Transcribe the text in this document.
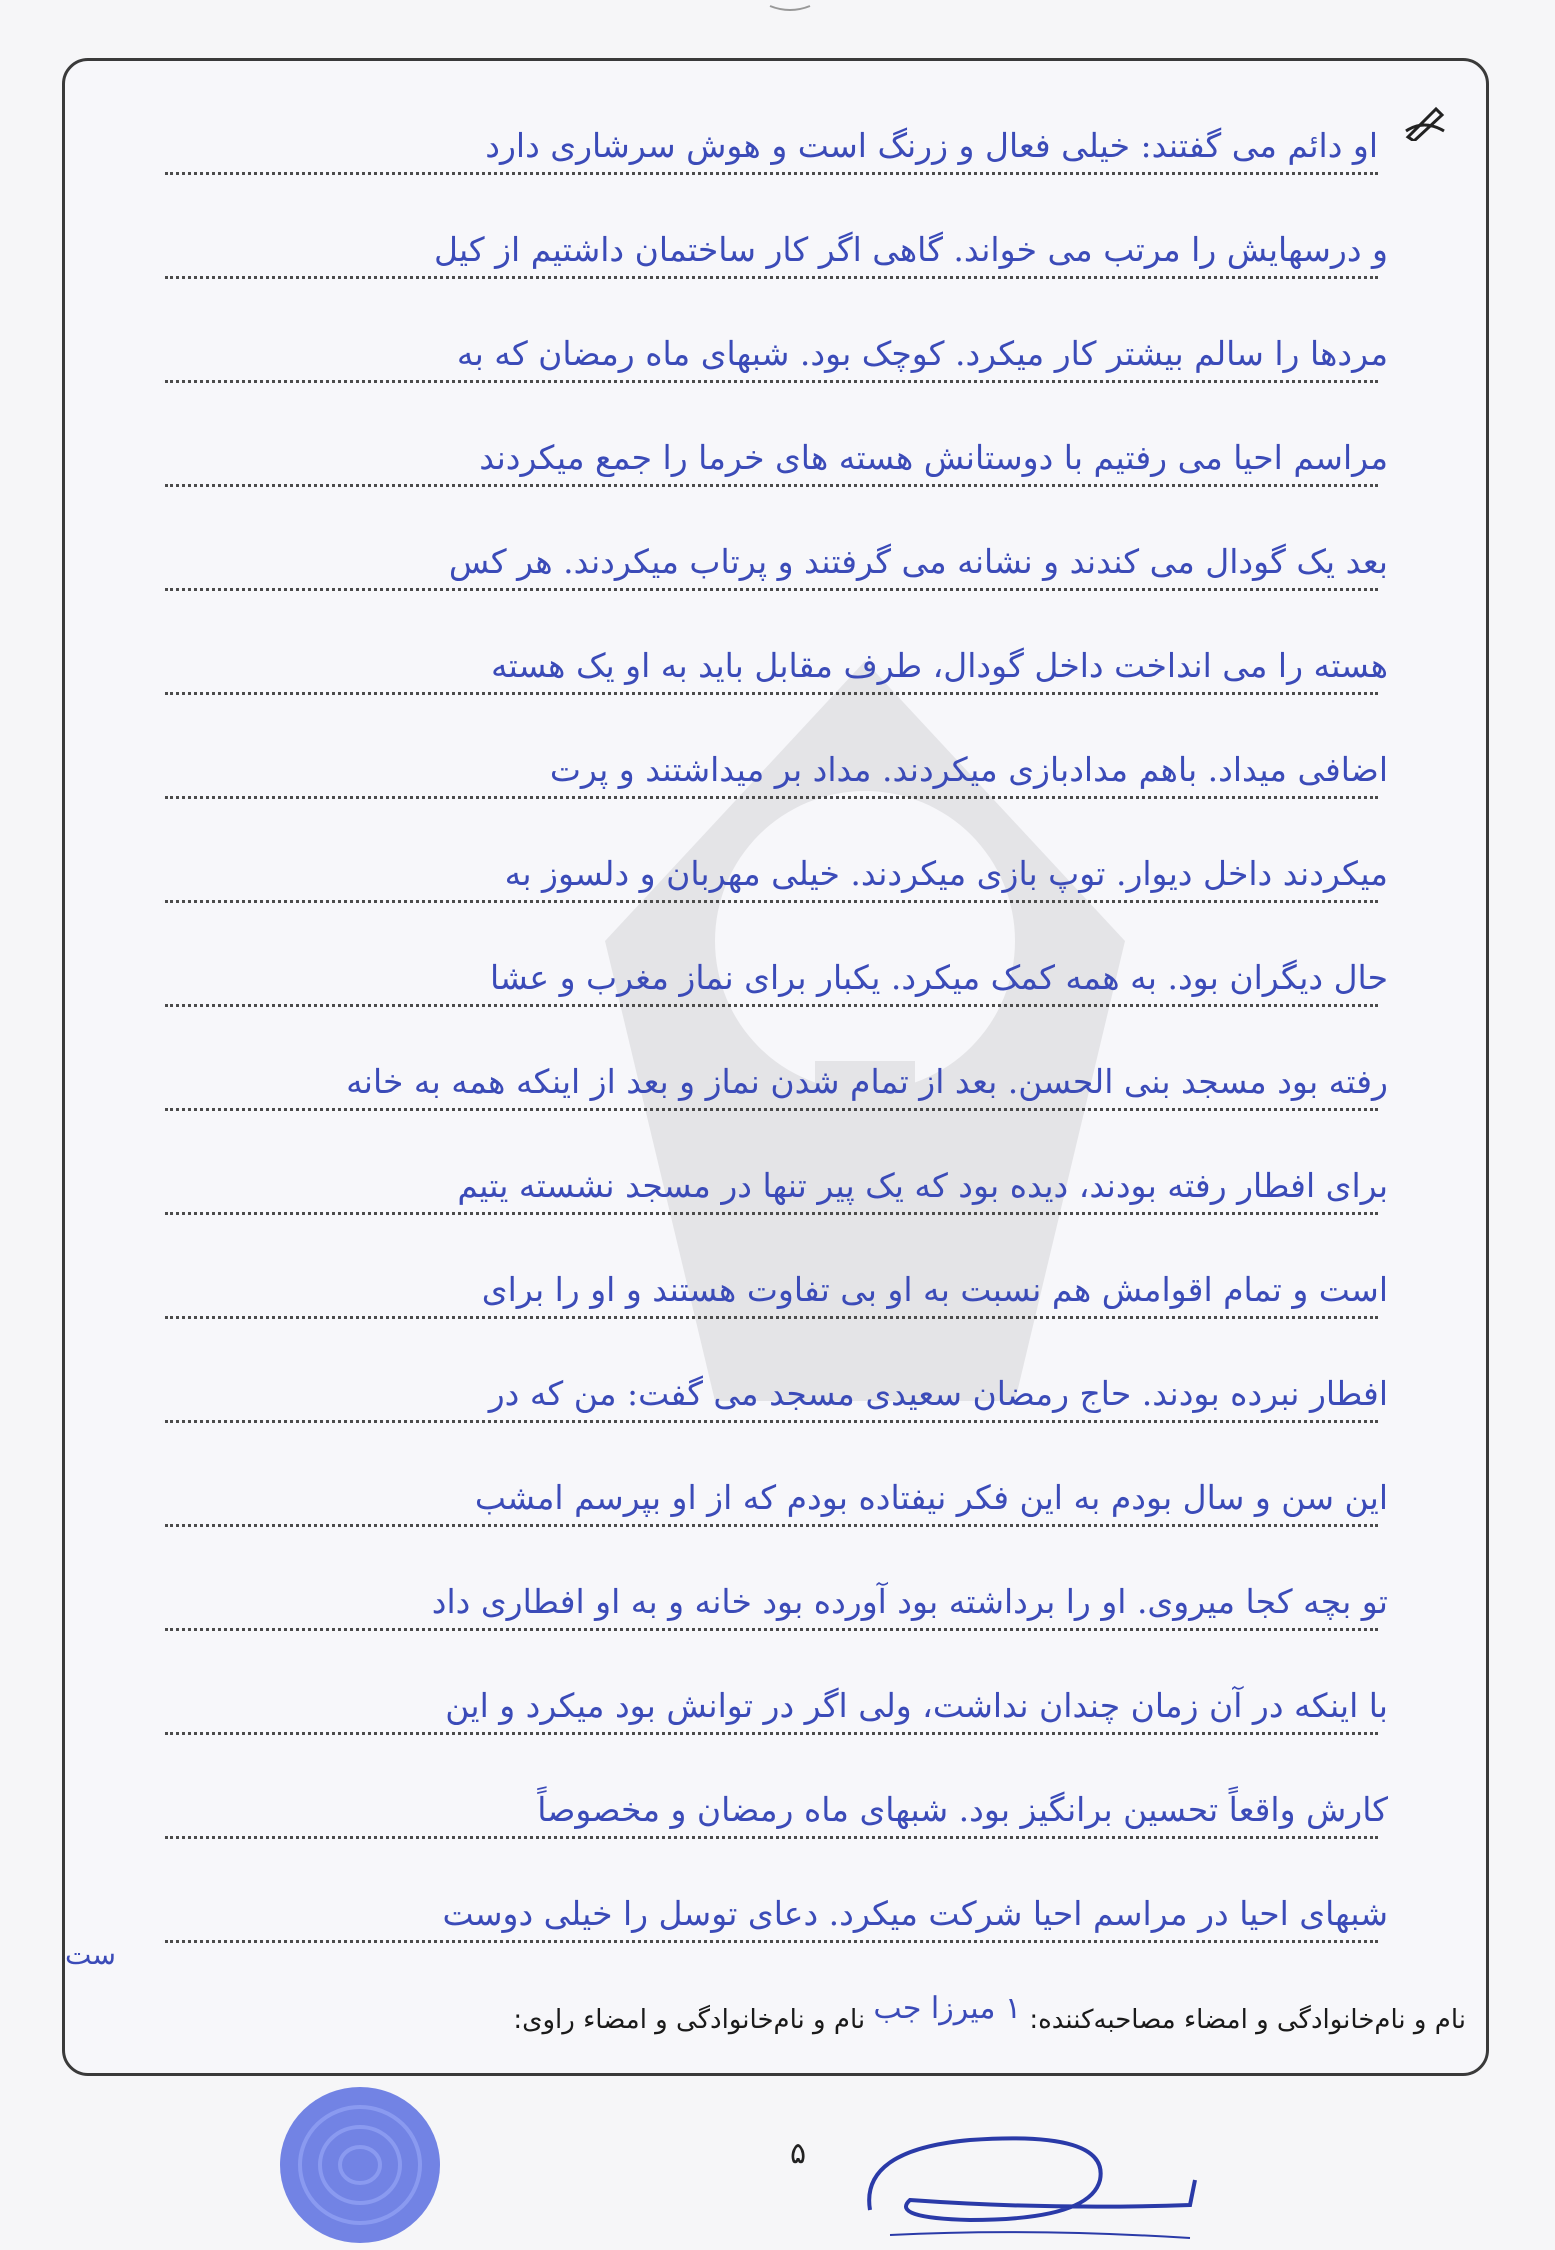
او دائم می گفتند: خیلی فعال و زرنگ است و هوش سرشاری دارد
و درسهایش را مرتب می خواند. گاهی اگر کار ساختمان داشتیم از کیل
مردها را سالم بیشتر کار میکرد. کوچک بود. شبهای ماه رمضان که به
مراسم احیا می رفتیم با دوستانش هسته های خرما را جمع میکردند
بعد یک گودال می کندند و نشانه می گرفتند و پرتاب میکردند. هر کس
هسته را می انداخت داخل گودال، طرف مقابل باید به او یک هسته
اضافی میداد. باهم مدادبازی میکردند. مداد بر میداشتند و پرت
میکردند داخل دیوار. توپ بازی میکردند. خیلی مهربان و دلسوز به
حال دیگران بود. به همه کمک میکرد. یکبار برای نماز مغرب و عشا
رفته بود مسجد بنی الحسن. بعد از تمام شدن نماز و بعد از اینکه همه به خانه
برای افطار رفته بودند، دیده بود که یک پیر تنها در مسجد نشسته یتیم
است و تمام اقوامش هم نسبت به او بی تفاوت هستند و او را برای
افطار نبرده بودند. حاج رمضان سعیدی مسجد می گفت: من که در
این سن و سال بودم به این فکر نیفتاده بودم که از او بپرسم امشب
تو بچه کجا میروی. او را برداشته بود آورده بود خانه و به او افطاری داد
با اینکه در آن زمان چندان نداشت، ولی اگر در توانش بود میکرد و این
کارش واقعاً تحسین برانگیز بود. شبهای ماه رمضان و مخصوصاً
شبهای احیا در مراسم احیا شرکت میکرد. دعای توسل را خیلی دوست
ست
نام و نام‌خانوادگی و امضاء مصاحبه‌کننده: ۱ میرزا جب نام و نام‌خانوادگی و امضاء راوی:
۵
